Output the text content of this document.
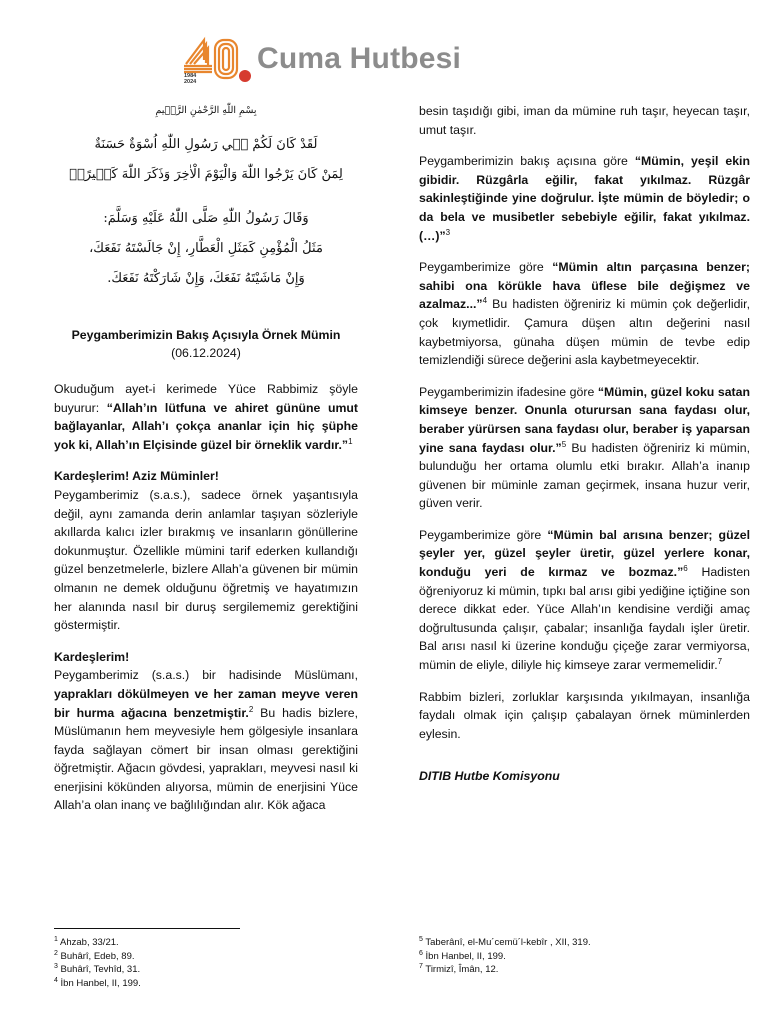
1984
2024
Cuma Hutbesi
بِسْمِ اللّٰهِ الرَّحْمٰنِ الرَّح۪يمِ
لَقَدْ كَانَ لَكُمْ ف۪ي رَسُولِ اللّٰهِ اُسْوَةٌ حَسَنَةٌ
لِمَنْ كَانَ يَرْجُوا اللّٰهَ وَالْيَوْمَ الْاٰخِرَ وَذَكَرَ اللّٰهَ كَث۪يرًاۜ
وَقَالَ رَسُولُ اللّٰهِ صَلَّى اللّٰهُ عَلَيْهِ وَسَلَّمَ:
مَثَلُ الْمُؤْمِنِ كَمَثَلِ الْعَطَّارِ، إِنْ جَالَسْتَهُ نَفَعَكَ،
وَإِنْ مَاشَيْتَهُ نَفَعَكَ، وَإِنْ شَارَكْتَهُ نَفَعَكَ.
Peygamberimizin Bakış Açısıyla Örnek Mümin
(06.12.2024)

Okuduğum ayet-i kerimede Yüce Rabbimiz şöyle buyurur: “Allah’ın lütfuna ve ahiret gününe umut bağlayanlar, Allah’ı çokça ananlar için hiç şüphe yok ki, Allah’ın Elçisinde güzel bir örneklik vardır.”$^1$

Kardeşlerim! Aziz Müminler!
Peygamberimiz (s.a.s.), sadece örnek yaşantısıyla değil, aynı zamanda derin anlamlar taşıyan sözleriyle akıllarda kalıcı izler bırakmış ve insanların gönüllerine dokunmuştur. Özellikle mümini tarif ederken kullandığı güzel benzetmelerle, bizlere Allah’a güvenen bir mümin olmanın ne demek olduğunu öğretmiş ve hayatımızın her alanında nasıl bir duruş sergilememiz gerektiğini göstermiştir.

Kardeşlerim!
Peygamberimiz (s.a.s.) bir hadisinde Müslümanı, yaprakları dökülmeyen ve her zaman meyve veren bir hurma ağacına benzetmiştir.$^2$ Bu hadis bizlere, Müslümanın hem meyvesiyle hem gölgesiyle insanlara fayda sağlayan cömert bir insan olması gerektiğini öğretmiştir. Ağacın gövdesi, yaprakları, meyvesi nasıl ki enerjisini kökünden alıyorsa, mümin de enerjisini Yüce Allah’a olan inanç ve bağlılığından alır. Kök ağaca

besin taşıdığı gibi, iman da mümine ruh taşır, heyecan taşır, umut taşır.

Peygamberimizin bakış açısına göre “Mümin, yeşil ekin gibidir. Rüzgârla eğilir, fakat yıkılmaz. Rüzgâr sakinleştiğinde yine doğrulur. İşte mümin de böyledir; o da bela ve musibetler sebebiyle eğilir, fakat yıkılmaz. (…)”$^3$

Peygamberimize göre “Mümin altın parçasına benzer; sahibi ona körükle hava üflese bile değişmez ve azalmaz...”$^4$ Bu hadisten öğreniriz ki mümin çok değerlidir, çok kıymetlidir. Çamura düşen altın değerini nasıl kaybetmiyorsa, günaha düşen mümin de tevbe edip temizlendiği sürece değerini asla kaybetmeyecektir.

Peygamberimizin ifadesine göre “Mümin, güzel koku satan kimseye benzer. Onunla oturursan sana faydası olur, beraber yürürsen sana faydası olur, beraber iş yaparsan yine sana faydası olur.”$^5$ Bu hadisten öğreniriz ki mümin, bulunduğu her ortama olumlu etki bırakır. Allah’a inanıp güvenen bir müminle zaman geçirmek, insana huzur verir, güven verir.

Peygamberimize göre “Mümin bal arısına benzer; güzel şeyler yer, güzel şeyler üretir, güzel yerlere konar, konduğu yeri de kırmaz ve bozmaz.”$^6$ Hadisten öğreniyoruz ki mümin, tıpkı bal arısı gibi yediğine içtiğine son derece dikkat eder. Yüce Allah’ın kendisine verdiği amaç doğrultusunda çalışır, çabalar; insanlığa faydalı işler üretir. Bal arısı nasıl ki üzerine konduğu çiçeğe zarar vermiyorsa, mümin de eliyle, diliyle hiç kimseye zarar vermemelidir.$^7$

Rabbim bizleri, zorluklar karşısında yıkılmayan, insanlığa faydalı olmak için çalışıp çabalayan örnek müminlerden eylesin.

DITIB Hutbe Komisyonu
$^1$ Ahzab, 33/21.
$^2$ Buhârî, Edeb, 89.
$^3$ Buhârî, Tevhîd, 31.
$^4$ İbn Hanbel, II, 199.
$^5$ Taberânî, el-Mu´cemü´l-kebîr , XII, 319.
$^6$ İbn Hanbel, II, 199.
$^7$ Tirmizî, Îmân, 12.
